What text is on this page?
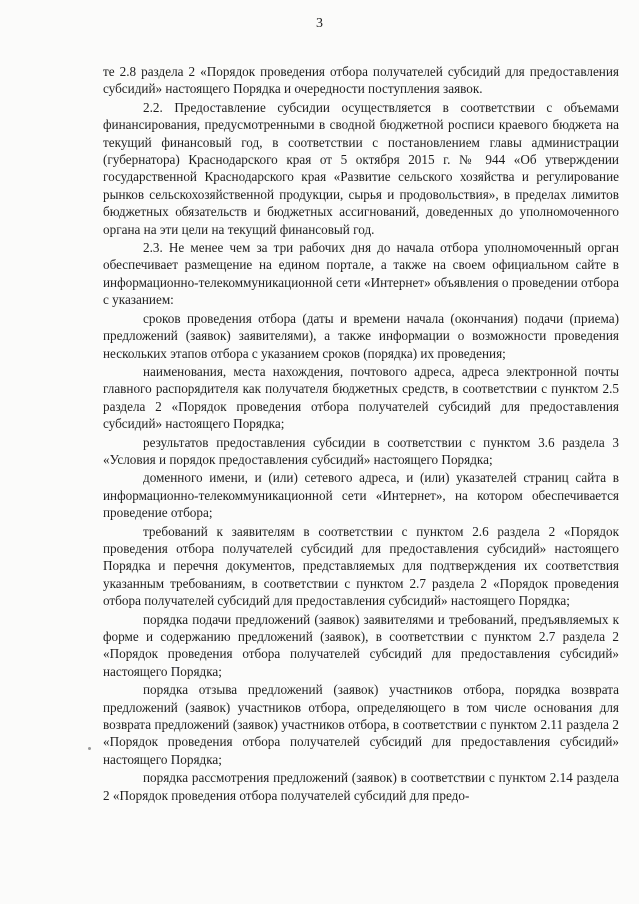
3

те 2.8 раздела 2 «Порядок проведения отбора получателей субсидий для предоставления субсидий» настоящего Порядка и очередности поступления заявок.

2.2. Предоставление субсидии осуществляется в соответствии с объемами финансирования, предусмотренными в сводной бюджетной росписи краевого бюджета на текущий финансовый год, в соответствии с постановлением главы администрации (губернатора) Краснодарского края от 5 октября 2015 г. № 944 «Об утверждении государственной Краснодарского края «Развитие сельского хозяйства и регулирование рынков сельскохозяйственной продукции, сырья и продовольствия», в пределах лимитов бюджетных обязательств и бюджетных ассигнований, доведенных до уполномоченного органа на эти цели на текущий финансовый год.

2.3. Не менее чем за три рабочих дня до начала отбора уполномоченный орган обеспечивает размещение на едином портале, а также на своем официальном сайте в информационно-телекоммуникационной сети «Интернет» объявления о проведении отбора с указанием:

сроков проведения отбора (даты и времени начала (окончания) подачи (приема) предложений (заявок) заявителями), а также информации о возможности проведения нескольких этапов отбора с указанием сроков (порядка) их проведения;

наименования, места нахождения, почтового адреса, адреса электронной почты главного распорядителя как получателя бюджетных средств, в соответствии с пунктом 2.5 раздела 2 «Порядок проведения отбора получателей субсидий для предоставления субсидий» настоящего Порядка;

результатов предоставления субсидии в соответствии с пунктом 3.6 раздела 3 «Условия и порядок предоставления субсидий» настоящего Порядка;

доменного имени, и (или) сетевого адреса, и (или) указателей страниц сайта в информационно-телекоммуникационной сети «Интернет», на котором обеспечивается проведение отбора;

требований к заявителям в соответствии с пунктом 2.6 раздела 2 «Порядок проведения отбора получателей субсидий для предоставления субсидий» настоящего Порядка и перечня документов, представляемых для подтверждения их соответствия указанным требованиям, в соответствии с пунктом 2.7 раздела 2 «Порядок проведения отбора получателей субсидий для предоставления субсидий» настоящего Порядка;

порядка подачи предложений (заявок) заявителями и требований, предъявляемых к форме и содержанию предложений (заявок), в соответствии с пунктом 2.7 раздела 2 «Порядок проведения отбора получателей субсидий для предоставления субсидий» настоящего Порядка;

порядка отзыва предложений (заявок) участников отбора, порядка возврата предложений (заявок) участников отбора, определяющего в том числе основания для возврата предложений (заявок) участников отбора, в соответствии с пунктом 2.11 раздела 2 «Порядок проведения отбора получателей субсидий для предоставления субсидий» настоящего Порядка;

порядка рассмотрения предложений (заявок) в соответствии с пунктом 2.14 раздела 2 «Порядок проведения отбора получателей субсидий для предо-
